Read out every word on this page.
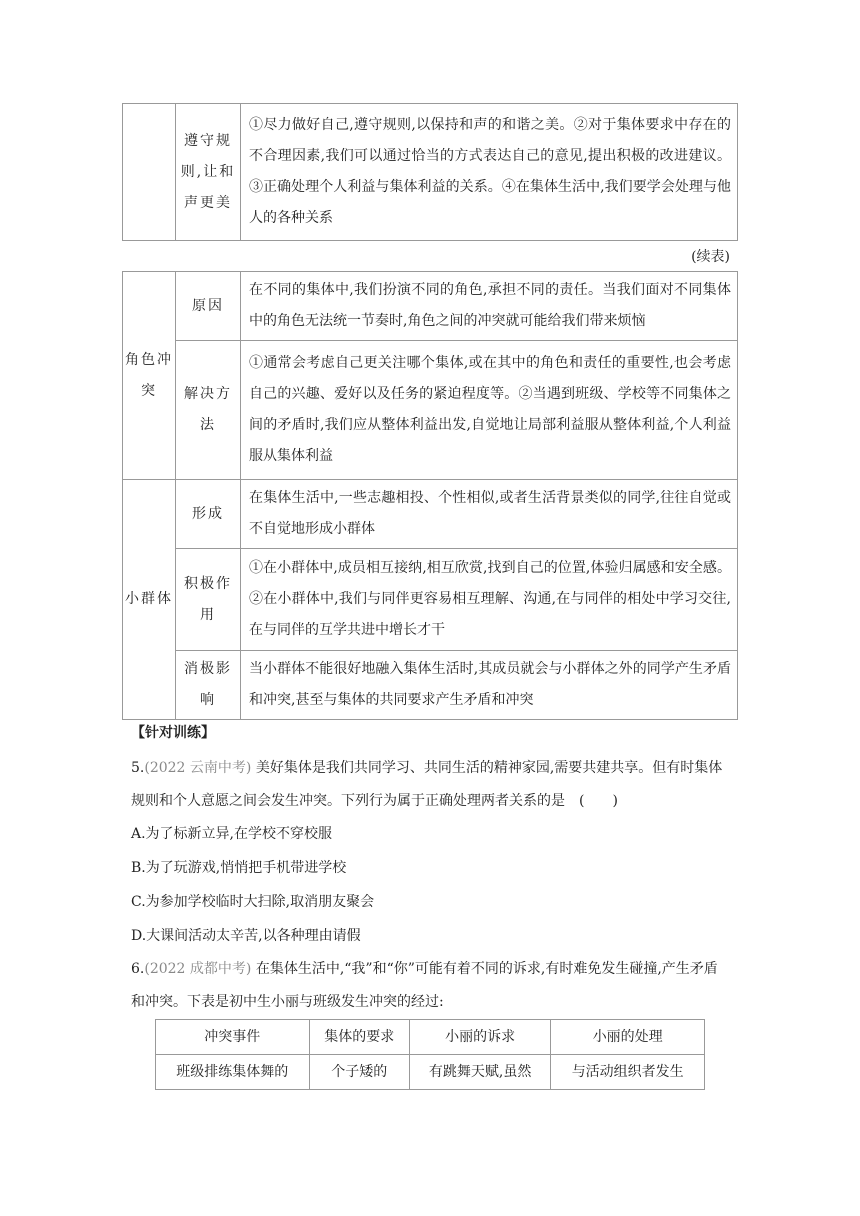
	遵守规则,让和声更美	①尽力做好自己,遵守规则,以保持和声的和谐之美。②对于集体要求中存在的不合理因素,我们可以通过恰当的方式表达自己的意见,提出积极的改进建议。③正确处理个人利益与集体利益的关系。④在集体生活中,我们要学会处理与他人的各种关系
(续表)
角色冲突	原因	在不同的集体中,我们扮演不同的角色,承担不同的责任。当我们面对不同集体中的角色无法统一节奏时,角色之间的冲突就可能给我们带来烦恼
	解决方法	①通常会考虑自己更关注哪个集体,或在其中的角色和责任的重要性,也会考虑自己的兴趣、爱好以及任务的紧迫程度等。②当遇到班级、学校等不同集体之间的矛盾时,我们应从整体利益出发,自觉地让局部利益服从整体利益,个人利益服从集体利益
小群体	形成	在集体生活中,一些志趣相投、个性相似,或者生活背景类似的同学,往往自觉或不自觉地形成小群体
	积极作用	①在小群体中,成员相互接纳,相互欣赏,找到自己的位置,体验归属感和安全感。②在小群体中,我们与同伴更容易相互理解、沟通,在与同伴的相处中学习交往,在与同伴的互学共进中增长才干
	消极影响	当小群体不能很好地融入集体生活时,其成员就会与小群体之外的同学产生矛盾和冲突,甚至与集体的共同要求产生矛盾和冲突
【针对训练】
5.(2022 云南中考) 美好集体是我们共同学习、共同生活的精神家园,需要共建共享。但有时集体规则和个人意愿之间会发生冲突。下列行为属于正确处理两者关系的是　(　　)
A.为了标新立异,在学校不穿校服
B.为了玩游戏,悄悄把手机带进学校
C.为参加学校临时大扫除,取消朋友聚会
D.大课间活动太辛苦,以各种理由请假
6.(2022 成都中考) 在集体生活中,“我”和“你”可能有着不同的诉求,有时难免发生碰撞,产生矛盾和冲突。下表是初中生小丽与班级发生冲突的经过:
冲突事件	集体的要求	小丽的诉求	小丽的处理
班级排练集体舞的	个子矮的	有跳舞天赋,虽然	与活动组织者发生
